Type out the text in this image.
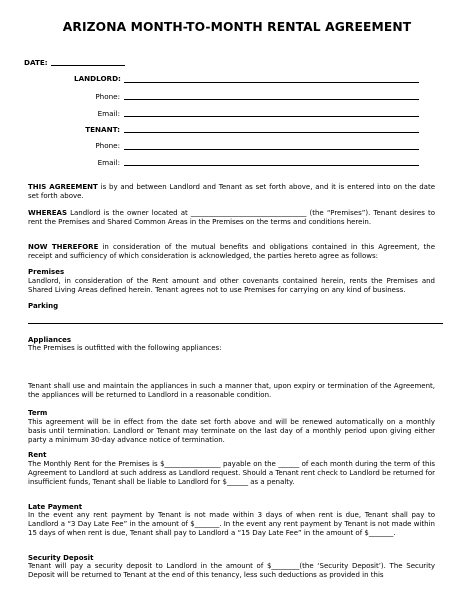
ARIZONA MONTH-TO-MONTH RENTAL AGREEMENT
DATE:
LANDLORD:
Phone:
Email:
TENANT:
Phone:
Email:
THIS AGREEMENT is by and between Landlord and Tenant as set forth above, and it is entered into on the date set forth above.
WHEREAS Landlord is the owner located at _________________________________ (the “Premises”). Tenant desires to rent the Premises and Shared Common Areas in the Premises on the terms and conditions herein.
NOW THEREFORE in consideration of the mutual benefits and obligations contained in this Agreement, the receipt and sufficiency of which consideration is acknowledged, the parties hereto agree as follows:
Premises
Landlord, in consideration of the Rent amount and other covenants contained herein, rents the Premises and Shared Living Areas defined herein. Tenant agrees not to use Premises for carrying on any kind of business.
Parking
Appliances
The Premises is outfitted with the following appliances:
Tenant shall use and maintain the appliances in such a manner that, upon expiry or termination of the Agreement, the appliances will be returned to Landlord in a reasonable condition.
Term
This agreement will be in effect from the date set forth above and will be renewed automatically on a monthly basis until termination. Landlord or Tenant may terminate on the last day of a monthly period upon giving either party a minimum 30-day advance notice of termination.
Rent
The Monthly Rent for the Premises is $________________ payable on the ______ of each month during the term of this Agreement to Landlord at such address as Landlord request. Should a Tenant rent check to Landlord be returned for insufficient funds, Tenant shall be liable to Landlord for $______ as a penalty.
Late Payment
In the event any rent payment by Tenant is not made within 3 days of when rent is due, Tenant shall pay to Landlord a “3 Day Late Fee” in the amount of $_______. In the event any rent payment by Tenant is not made within 15 days of when rent is due, Tenant shall pay to Landlord a “15 Day Late Fee” in the amount of $_______.
Security Deposit
Tenant will pay a security deposit to Landlord in the amount of $________(the ‘Security Deposit’). The Security Deposit will be returned to Tenant at the end of this tenancy, less such deductions as provided in this
